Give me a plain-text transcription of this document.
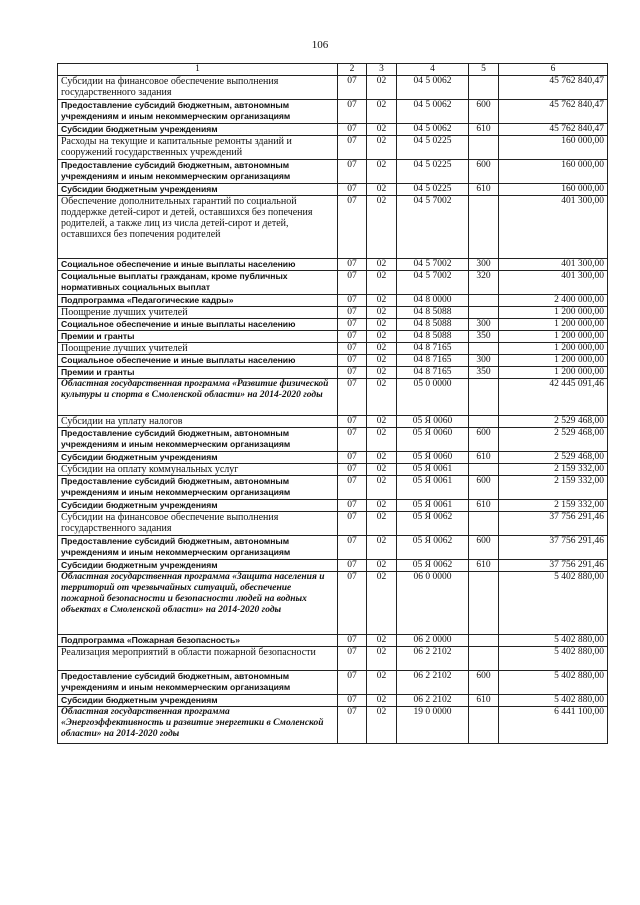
106
1	2	3	4	5	6
Субсидии на финансовое обеспечение выполнения государственного задания	07	02	04 5 0062		45 762 840,47
Предоставление субсидий бюджетным, автономным учреждениям и иным некоммерческим организациям	07	02	04 5 0062	600	45 762 840,47
Субсидии бюджетным учреждениям	07	02	04 5 0062	610	45 762 840,47
Расходы на текущие и капитальные ремонты зданий и сооружений государственных учреждений	07	02	04 5 0225		160 000,00
Предоставление субсидий бюджетным, автономным учреждениям и иным некоммерческим организациям	07	02	04 5 0225	600	160 000,00
Субсидии бюджетным учреждениям	07	02	04 5 0225	610	160 000,00
Обеспечение дополнительных гарантий по социальной поддержке детей-сирот и детей, оставшихся без попечения родителей, а также лиц из числа детей-сирот и детей, оставшихся без попечения родителей	07	02	04 5 7002		401 300,00
Социальное обеспечение и иные выплаты населению	07	02	04 5 7002	300	401 300,00
Социальные выплаты гражданам, кроме публичных нормативных социальных выплат	07	02	04 5 7002	320	401 300,00
Подпрограмма «Педагогические кадры»	07	02	04 8 0000		2 400 000,00
Поощрение лучших учителей	07	02	04 8 5088		1 200 000,00
Социальное обеспечение и иные выплаты населению	07	02	04 8 5088	300	1 200 000,00
Премии и гранты	07	02	04 8 5088	350	1 200 000,00
Поощрение лучших учителей	07	02	04 8 7165		1 200 000,00
Социальное обеспечение и иные выплаты населению	07	02	04 8 7165	300	1 200 000,00
Премии и гранты	07	02	04 8 7165	350	1 200 000,00
Областная государственная программа «Развитие физической культуры и спорта в Смоленской области» на 2014-2020 годы	07	02	05 0 0000		42 445 091,46
Субсидии на уплату налогов	07	02	05 Я 0060		2 529 468,00
Предоставление субсидий бюджетным, автономным учреждениям и иным некоммерческим организациям	07	02	05 Я 0060	600	2 529 468,00
Субсидии бюджетным учреждениям	07	02	05 Я 0060	610	2 529 468,00
Субсидии на оплату коммунальных услуг	07	02	05 Я 0061		2 159 332,00
Предоставление субсидий бюджетным, автономным учреждениям и иным некоммерческим организациям	07	02	05 Я 0061	600	2 159 332,00
Субсидии бюджетным учреждениям	07	02	05 Я 0061	610	2 159 332,00
Субсидии на финансовое обеспечение выполнения государственного задания	07	02	05 Я 0062		37 756 291,46
Предоставление субсидий бюджетным, автономным учреждениям и иным некоммерческим организациям	07	02	05 Я 0062	600	37 756 291,46
Субсидии бюджетным учреждениям	07	02	05 Я 0062	610	37 756 291,46
Областная государственная программа «Защита населения и территорий от чрезвычайных ситуаций, обеспечение пожарной безопасности и безопасности людей на водных объектах в Смоленской области» на 2014-2020 годы	07	02	06 0 0000		5 402 880,00
Подпрограмма «Пожарная безопасность»	07	02	06 2 0000		5 402 880,00
Реализация мероприятий в области пожарной безопасности	07	02	06 2 2102		5 402 880,00
Предоставление субсидий бюджетным, автономным учреждениям и иным некоммерческим организациям	07	02	06 2 2102	600	5 402 880,00
Субсидии бюджетным учреждениям	07	02	06 2 2102	610	5 402 880,00
Областная государственная программа «Энергоэффективность и развитие энергетики в Смоленской области» на 2014-2020 годы	07	02	19 0 0000		6 441 100,00
